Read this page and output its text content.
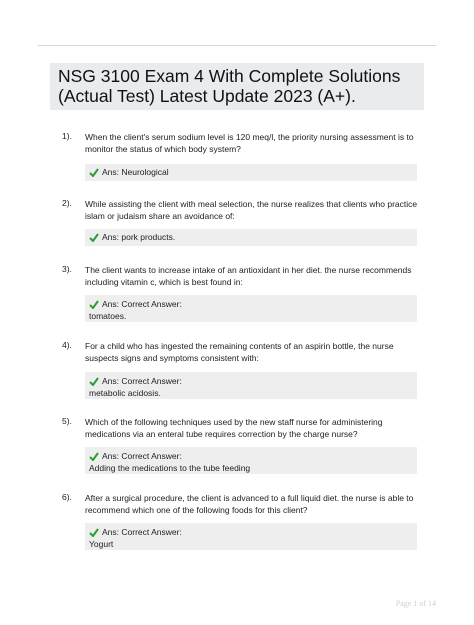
NSG 3100 Exam 4 With Complete Solutions
(Actual Test) Latest Update 2023 (A+).
1). When the client's serum sodium level is 120 meq/l, the priority nursing assessment is to
monitor the status of which body system?
Ans: Neurological
2). While assisting the client with meal selection, the nurse realizes that clients who practice
islam or judaism share an avoidance of:
Ans: pork products.
3). The client wants to increase intake of an antioxidant in her diet. the nurse recommends
including vitamin c, which is best found in:
Ans: Correct Answer:
tomatoes.
4). For a child who has ingested the remaining contents of an aspirin bottle, the nurse
suspects signs and symptoms consistent with:
Ans: Correct Answer:
metabolic acidosis.
5). Which of the following techniques used by the new staff nurse for administering
medications via an enteral tube requires correction by the charge nurse?
Ans: Correct Answer:
Adding the medications to the tube feeding
6). After a surgical procedure, the client is advanced to a full liquid diet. the nurse is able to
recommend which one of the following foods for this client?
Ans: Correct Answer:
Yogurt
Page 1 of 14
